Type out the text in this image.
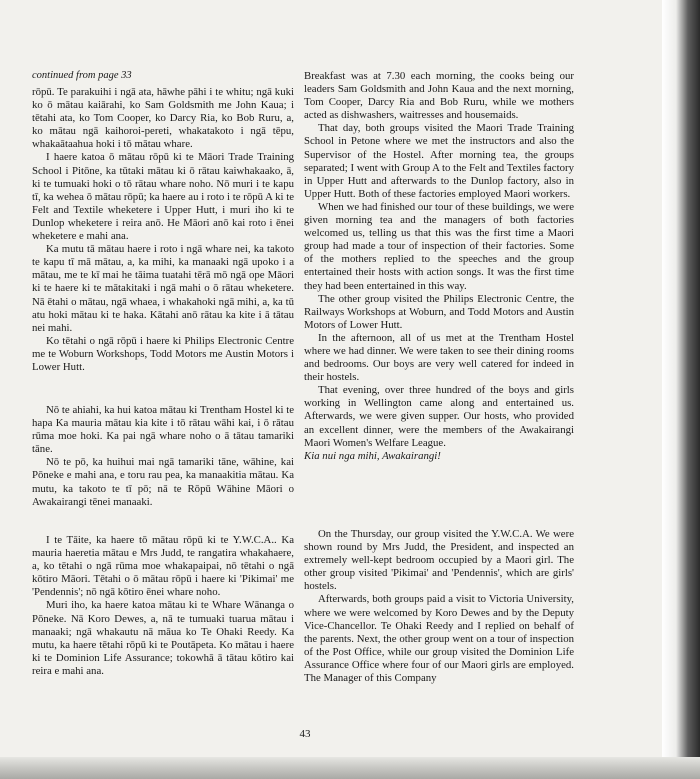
continued from page 33

rōpū. Te parakuihi i ngā ata, hāwhe pāhi i te whitu; ngā kuki ko ō mātau kaiārahi, ko Sam Goldsmith me John Kaua; i tētahi ata, ko Tom Cooper, ko Darcy Ria, ko Bob Ruru, a, ko mātau ngā kaihoroi-pereti, whakatakoto i ngā tēpu, whakaātaahua hoki i tō mātau whare.

I haere katoa ō mātau rōpū ki te Māori Trade Training School i Pitōne, ka tūtaki mātau ki ō rātau kaiwhakaako, ā, ki te tumuaki hoki o tō rātau whare noho. Nō muri i te kapu tī, ka wehea ō mātau rōpū; ka haere au i roto i te rōpū A ki te Felt and Textile wheketere i Upper Hutt, i muri iho ki te Dunlop wheketere i reira anō. He Māori anō kai roto i ēnei wheketere e mahi ana.

Ka mutu tā mātau haere i roto i ngā whare nei, ka takoto te kapu tī mā mātau, a, ka mihi, ka manaaki ngā upoko i a mātau, me te kī mai he tāima tuatahi tērā mō ngā ope Māori ki te haere ki te mātakitaki i ngā mahi o ō rātau wheketere. Nā ētahi o mātau, ngā whaea, i whakahoki ngā mihi, a, ka tū atu hoki mātau ki te haka. Kātahi anō rātau ka kite i ā tātau nei mahi.

Ko tētahi o ngā rōpū i haere ki Philips Electronic Centre me te Woburn Workshops, Todd Motors me Austin Motors i Lower Hutt.

Nō te ahiahi, ka hui katoa mātau ki Trentham Hostel ki te hapa Ka mauria mātau kia kite i tō rātau wāhi kai, i ō rātau rūma moe hoki. Ka pai ngā whare noho o ā tātau tamariki tāne.

Nō te pō, ka huihui mai ngā tamariki tāne, wāhine, kai Pōneke e mahi ana, e toru rau pea, ka manaakitia mātau. Ka mutu, ka takoto te tī pō; nā te Rōpū Wāhine Māori o Awakairangi tēnei manaaki.

I te Tāite, ka haere tō mātau rōpū ki te Y.W.C.A.. Ka mauria haeretia mātau e Mrs Judd, te rangatira whakahaere, a, ko tētahi o ngā rūma moe whakapaipai, nō tētahi o ngā kōtiro Māori. Tētahi o ō mātau rōpū i haere ki 'Pikimai' me 'Pendennis'; nō ngā kōtiro ēnei whare noho.

Muri iho, ka haere katoa mātau ki te Whare Wānanga o Pōneke. Nā Koro Dewes, a, nā te tumuaki tuarua mātau i manaaki; ngā whakautu nā māua ko Te Ohaki Reedy. Ka mutu, ka haere tētahi rōpū ki te Poutāpeta. Ko mātau i haere ki te Dominion Life Assurance; tokowhā ā tātau kōtiro kai reira e mahi ana.

Breakfast was at 7.30 each morning, the cooks being our leaders Sam Goldsmith and John Kaua and the next morning, Tom Cooper, Darcy Ria and Bob Ruru, while we mothers acted as dishwashers, waitresses and housemaids.

That day, both groups visited the Maori Trade Training School in Petone where we met the instructors and also the Supervisor of the Hostel. After morning tea, the groups separated; I went with Group A to the Felt and Textiles factory in Upper Hutt and afterwards to the Dunlop factory, also in Upper Hutt. Both of these factories employed Maori workers.

When we had finished our tour of these buildings, we were given morning tea and the managers of both factories welcomed us, telling us that this was the first time a Maori group had made a tour of inspection of their factories. Some of the mothers replied to the speeches and the group entertained their hosts with action songs. It was the first time they had been entertained in this way.

The other group visited the Philips Electronic Centre, the Railways Workshops at Woburn, and Todd Motors and Austin Motors of Lower Hutt.

In the afternoon, all of us met at the Trentham Hostel where we had dinner. We were taken to see their dining rooms and bedrooms. Our boys are very well catered for indeed in their hostels.

That evening, over three hundred of the boys and girls working in Wellington came along and entertained us. Afterwards, we were given supper. Our hosts, who provided an excellent dinner, were the members of the Awakairangi Maori Women's Welfare League.

Kia nui nga mihi, Awakairangi!

On the Thursday, our group visited the Y.W.C.A. We were shown round by Mrs Judd, the President, and inspected an extremely well-kept bedroom occupied by a Maori girl. The other group visited 'Pikimai' and 'Pendennis', which are girls' hostels.

Afterwards, both groups paid a visit to Victoria University, where we were welcomed by Koro Dewes and by the Deputy Vice-Chancellor. Te Ohaki Reedy and I replied on behalf of the parents. Next, the other group went on a tour of inspection of the Post Office, while our group visited the Dominion Life Assurance Office where four of our Maori girls are employed. The Manager of this Company

43
